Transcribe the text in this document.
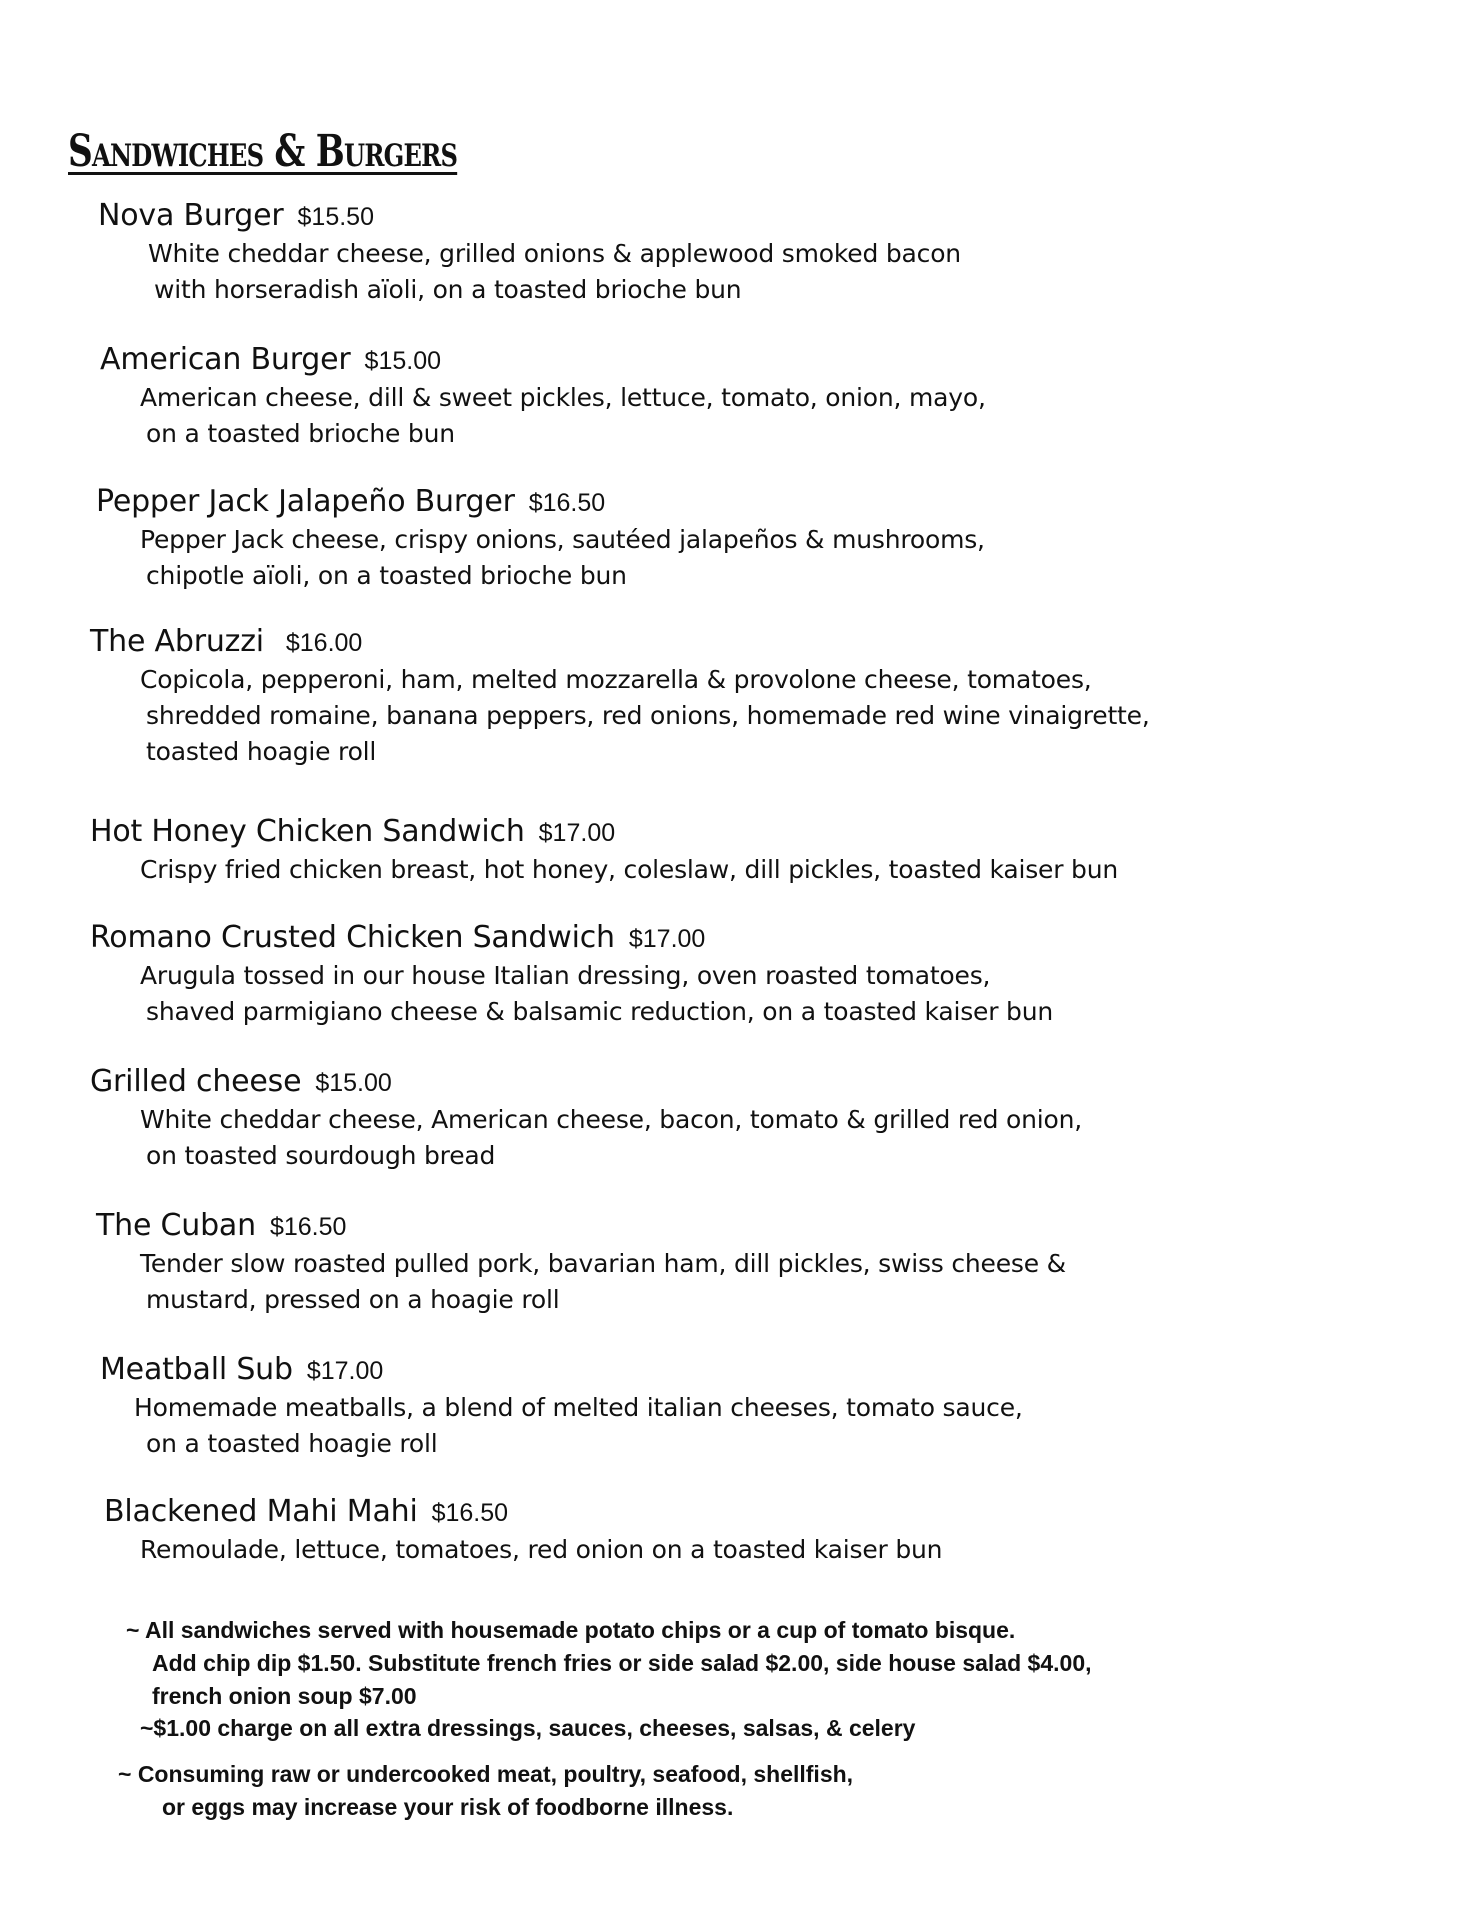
Sandwiches & Burgers
Nova Burger $15.50
White cheddar cheese, grilled onions & applewood smoked bacon
with horseradish aïoli, on a toasted brioche bun
American Burger $15.00
American cheese, dill & sweet pickles, lettuce, tomato, onion, mayo,
on a toasted brioche bun
Pepper Jack Jalapeño Burger $16.50
Pepper Jack cheese, crispy onions, sautéed jalapeños & mushrooms,
chipotle aïoli, on a toasted brioche bun
The Abruzzi $16.00
Copicola, pepperoni, ham, melted mozzarella & provolone cheese, tomatoes,
shredded romaine, banana peppers, red onions, homemade red wine vinaigrette,
toasted hoagie roll
Hot Honey Chicken Sandwich $17.00
Crispy fried chicken breast, hot honey, coleslaw, dill pickles, toasted kaiser bun
Romano Crusted Chicken Sandwich $17.00
Arugula tossed in our house Italian dressing, oven roasted tomatoes,
shaved parmigiano cheese & balsamic reduction, on a toasted kaiser bun
Grilled cheese $15.00
White cheddar cheese, American cheese, bacon, tomato & grilled red onion,
on toasted sourdough bread
The Cuban $16.50
Tender slow roasted pulled pork, bavarian ham, dill pickles, swiss cheese &
mustard, pressed on a hoagie roll
Meatball Sub $17.00
Homemade meatballs, a blend of melted italian cheeses, tomato sauce,
on a toasted hoagie roll
Blackened Mahi Mahi $16.50
Remoulade, lettuce, tomatoes, red onion on a toasted kaiser bun
~ All sandwiches served with housemade potato chips or a cup of tomato bisque.
Add chip dip $1.50. Substitute french fries or side salad $2.00, side house salad $4.00,
french onion soup $7.00
~$1.00 charge on all extra dressings, sauces, cheeses, salsas, & celery
~ Consuming raw or undercooked meat, poultry, seafood, shellfish,
or eggs may increase your risk of foodborne illness.
